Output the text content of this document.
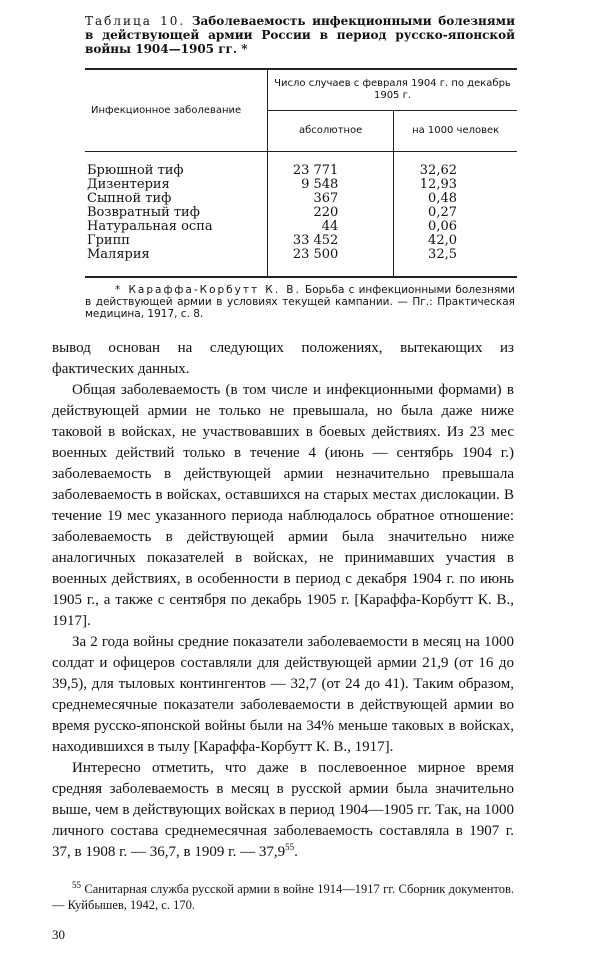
Таблица 10. Заболеваемость инфекционными болезнями в действующей армии России в период русско-японской войны 1904—1905 гг. *
Инфекционное заболевание	Число случаев с февраля 1904 г. по декабрь 1905 г.	
	абсолютное	на 1000 человек
Брюшной тиф	23 771	32,62
Дизентерия	9 548	12,93
Сыпной тиф	367	0,48
Возвратный тиф	220	0,27
Натуральная оспа	44	0,06
Грипп	33 452	42,0
Малярия	23 500	32,5
* Караффа-Корбутт К. В. Борьба с инфекционными болезнями в действующей армии в условиях текущей кампании. — Пг.: Практическая медицина, 1917, с. 8.

вывод основан на следующих положениях, вытекающих из фактических данных.

Общая заболеваемость (в том числе и инфекционными формами) в действующей армии не только не превышала, но была даже ниже таковой в войсках, не участвовавших в боевых действиях. Из 23 мес военных действий только в течение 4 (июнь — сентябрь 1904 г.) заболеваемость в действующей армии незначительно превышала заболеваемость в войсках, оставшихся на старых местах дислокации. В течение 19 мес указанного периода наблюдалось обратное отношение: заболеваемость в действующей армии была значительно ниже аналогичных показателей в войсках, не принимавших участия в военных действиях, в особенности в период с декабря 1904 г. по июнь 1905 г., а также с сентября по декабрь 1905 г. [Караффа-Корбутт К. В., 1917].

За 2 года войны средние показатели заболеваемости в месяц на 1000 солдат и офицеров составляли для действующей армии 21,9 (от 16 до 39,5), для тыловых контингентов — 32,7 (от 24 до 41). Таким образом, среднемесячные показатели заболеваемости в действующей армии во время русско-японской войны были на 34% меньше таковых в войсках, находившихся в тылу [Караффа-Корбутт К. В., 1917].

Интересно отметить, что даже в послевоенное мирное время средняя заболеваемость в месяц в русской армии была значительно выше, чем в действующих войсках в период 1904—1905 гг. Так, на 1000 личного состава среднемесячная заболеваемость составляла в 1907 г. 37, в 1908 г. — 36,7, в 1909 г. — 37,9$^{55}$.

$^{55}$ Санитарная служба русской армии в войне 1914—1917 гг. Сборник документов. — Куйбышев, 1942, с. 170.

30
